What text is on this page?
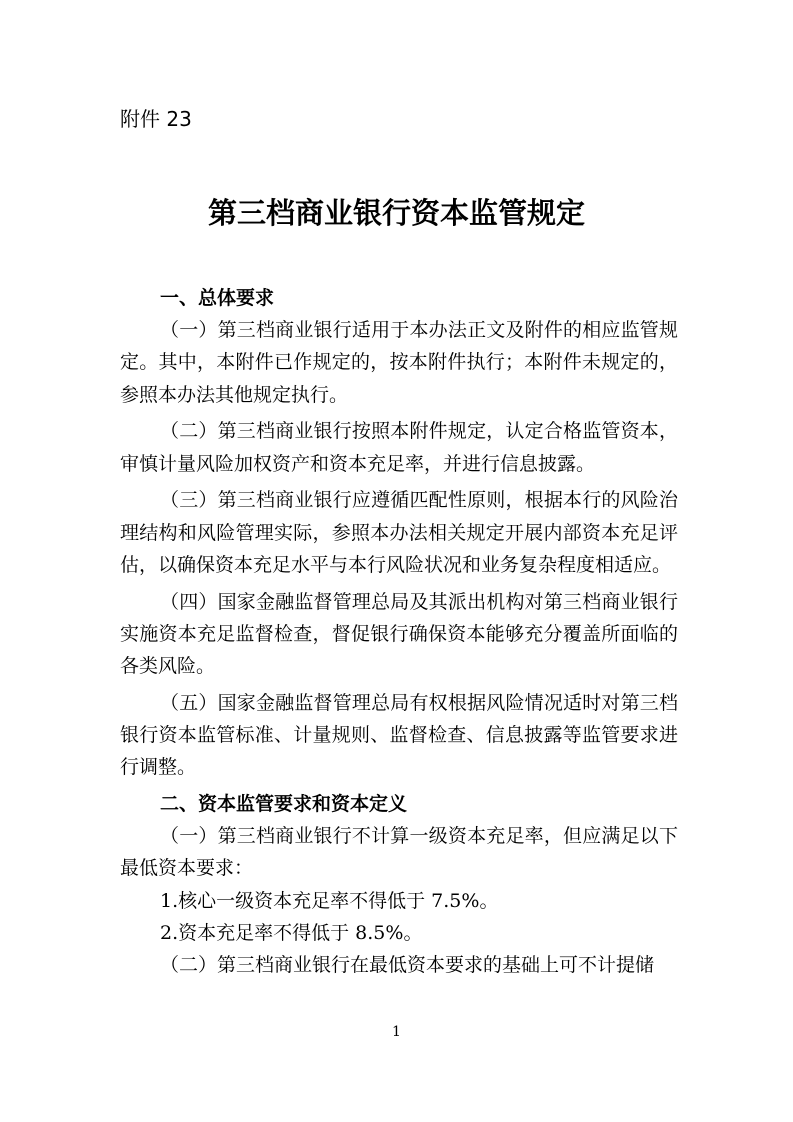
附件 23
第三档商业银行资本监管规定
一、总体要求
（一）第三档商业银行适用于本办法正文及附件的相应监管规定。其中，本附件已作规定的，按本附件执行；本附件未规定的，参照本办法其他规定执行。
（二）第三档商业银行按照本附件规定，认定合格监管资本，审慎计量风险加权资产和资本充足率，并进行信息披露。
（三）第三档商业银行应遵循匹配性原则，根据本行的风险治理结构和风险管理实际，参照本办法相关规定开展内部资本充足评估，以确保资本充足水平与本行风险状况和业务复杂程度相适应。
（四）国家金融监督管理总局及其派出机构对第三档商业银行实施资本充足监督检查，督促银行确保资本能够充分覆盖所面临的各类风险。
（五）国家金融监督管理总局有权根据风险情况适时对第三档银行资本监管标准、计量规则、监督检查、信息披露等监管要求进行调整。
二、资本监管要求和资本定义
（一）第三档商业银行不计算一级资本充足率，但应满足以下最低资本要求：
1.核心一级资本充足率不得低于 7.5%。
2.资本充足率不得低于 8.5%。
（二）第三档商业银行在最低资本要求的基础上可不计提储
1
